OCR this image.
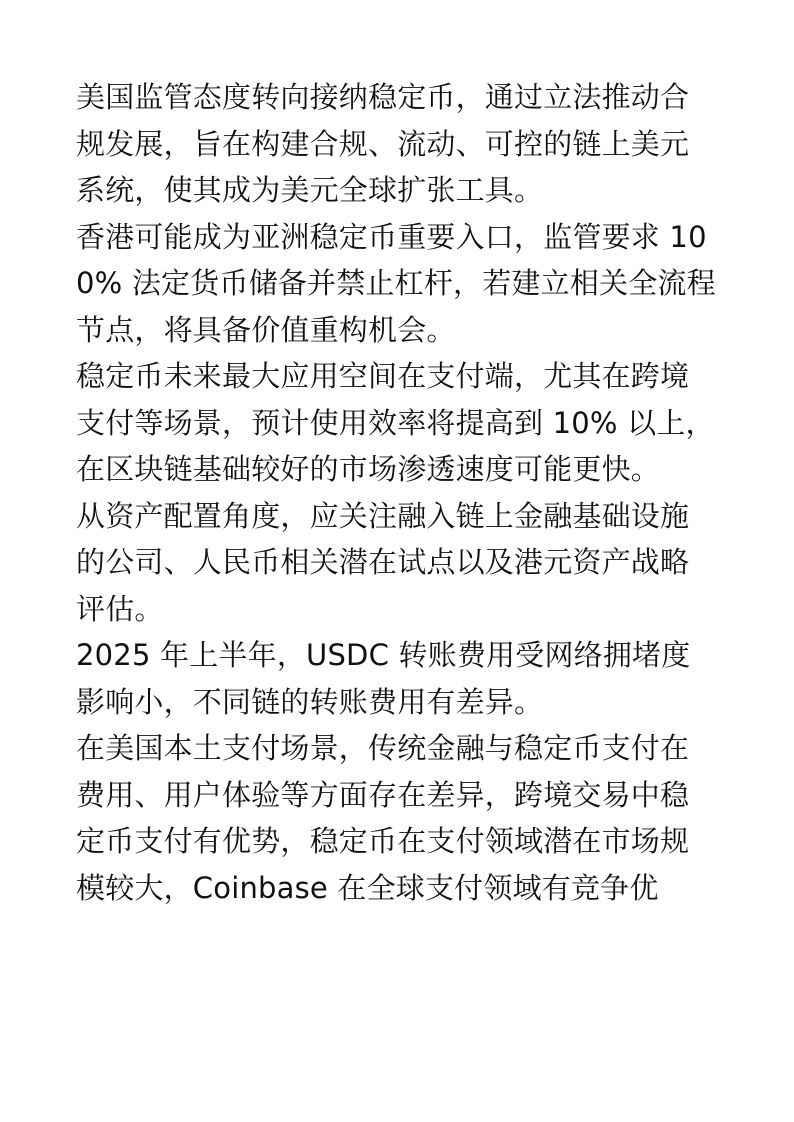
美国监管态度转向接纳稳定币，通过立法推动合规发展，旨在构建合规、流动、可控的链上美元系统，使其成为美元全球扩张工具。

香港可能成为亚洲稳定币重要入口，监管要求 100% 法定货币储备并禁止杠杆，若建立相关全流程节点，将具备价值重构机会。

稳定币未来最大应用空间在支付端，尤其在跨境支付等场景，预计使用效率将提高到 10% 以上，在区块链基础较好的市场渗透速度可能更快。

从资产配置角度，应关注融入链上金融基础设施的公司、人民币相关潜在试点以及港元资产战略评估。

2025 年上半年，USDC 转账费用受网络拥堵度影响小，不同链的转账费用有差异。

在美国本土支付场景，传统金融与稳定币支付在费用、用户体验等方面存在差异，跨境交易中稳定币支付有优势，稳定币在支付领域潜在市场规模较大，Coinbase 在全球支付领域有竞争优
